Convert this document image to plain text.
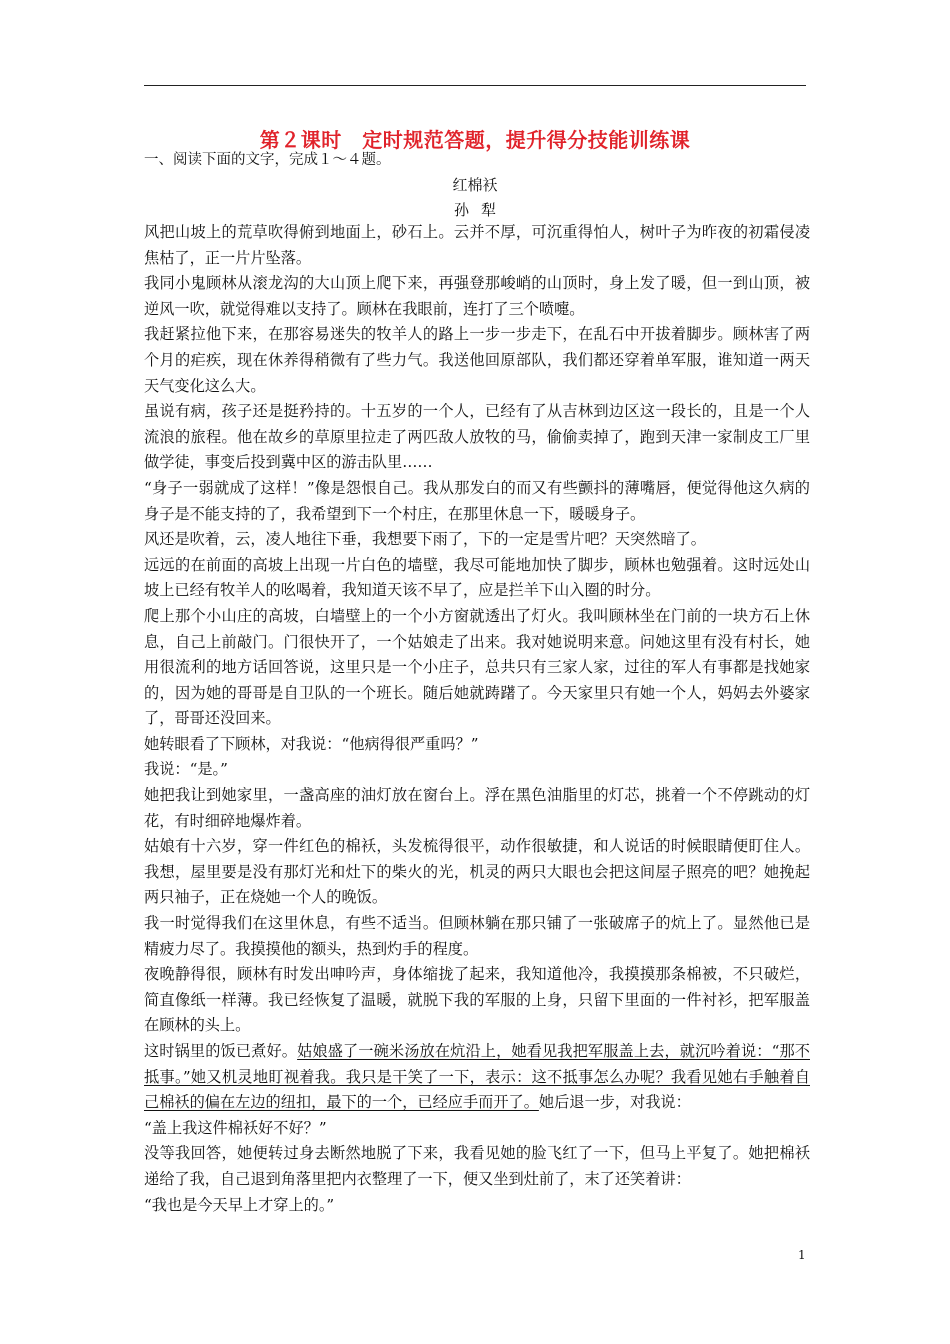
第２课时　定时规范答题，提升得分技能训练课
一、阅读下面的文字，完成１～４题。
红棉袄
孙犁

风把山坡上的荒草吹得俯到地面上，砂石上。云并不厚，可沉重得怕人，树叶子为昨夜的初霜侵凌焦枯了，正一片片坠落。

我同小鬼顾林从滚龙沟的大山顶上爬下来，再强登那峻峭的山顶时，身上发了暖，但一到山顶，被逆风一吹，就觉得难以支持了。顾林在我眼前，连打了三个喷嚏。

我赶紧拉他下来，在那容易迷失的牧羊人的路上一步一步走下，在乱石中开拔着脚步。顾林害了两个月的疟疾，现在休养得稍微有了些力气。我送他回原部队，我们都还穿着单军服，谁知道一两天天气变化这么大。

虽说有病，孩子还是挺矜持的。十五岁的一个人，已经有了从吉林到边区这一段长的，且是一个人流浪的旅程。他在故乡的草原里拉走了两匹敌人放牧的马，偷偷卖掉了，跑到天津一家制皮工厂里做学徒，事变后投到冀中区的游击队里……

“身子一弱就成了这样！”像是怨恨自己。我从那发白的而又有些颤抖的薄嘴唇，便觉得他这久病的身子是不能支持的了，我希望到下一个村庄，在那里休息一下，暖暖身子。

风还是吹着，云，凌人地往下垂，我想要下雨了，下的一定是雪片吧？天突然暗了。

远远的在前面的高坡上出现一片白色的墙壁，我尽可能地加快了脚步，顾林也勉强着。这时远处山坡上已经有牧羊人的吆喝着，我知道天该不早了，应是拦羊下山入圈的时分。

爬上那个小山庄的高坡，白墙壁上的一个小方窗就透出了灯火。我叫顾林坐在门前的一块方石上休息，自己上前敲门。门很快开了，一个姑娘走了出来。我对她说明来意。问她这里有没有村长，她用很流利的地方话回答说，这里只是一个小庄子，总共只有三家人家，过往的军人有事都是找她家的，因为她的哥哥是自卫队的一个班长。随后她就踌躇了。今天家里只有她一个人，妈妈去外婆家了，哥哥还没回来。

她转眼看了下顾林，对我说：“他病得很严重吗？”

我说：“是。”

她把我让到她家里，一盏高座的油灯放在窗台上。浮在黑色油脂里的灯芯，挑着一个不停跳动的灯花，有时细碎地爆炸着。

姑娘有十六岁，穿一件红色的棉袄，头发梳得很平，动作很敏捷，和人说话的时候眼睛便盯住人。我想，屋里要是没有那灯光和灶下的柴火的光，机灵的两只大眼也会把这间屋子照亮的吧？她挽起两只袖子，正在烧她一个人的晚饭。

我一时觉得我们在这里休息，有些不适当。但顾林躺在那只铺了一张破席子的炕上了。显然他已是精疲力尽了。我摸摸他的额头，热到灼手的程度。

夜晚静得很，顾林有时发出呻吟声，身体缩拢了起来，我知道他冷，我摸摸那条棉被，不只破烂，简直像纸一样薄。我已经恢复了温暖，就脱下我的军服的上身，只留下里面的一件衬衫，把军服盖在顾林的头上。

这时锅里的饭已煮好。姑娘盛了一碗米汤放在炕沿上，她看见我把军服盖上去，就沉吟着说：“那不抵事。”她又机灵地盯视着我。我只是干笑了一下，表示：这不抵事怎么办呢？我看见她右手触着自己棉袄的偏在左边的纽扣，最下的一个，已经应手而开了。她后退一步，对我说：

“盖上我这件棉袄好不好？”

没等我回答，她便转过身去断然地脱了下来，我看见她的脸飞红了一下，但马上平复了。她把棉袄递给了我，自己退到角落里把内衣整理了一下，便又坐到灶前了，末了还笑着讲：

“我也是今天早上才穿上的。”

1
